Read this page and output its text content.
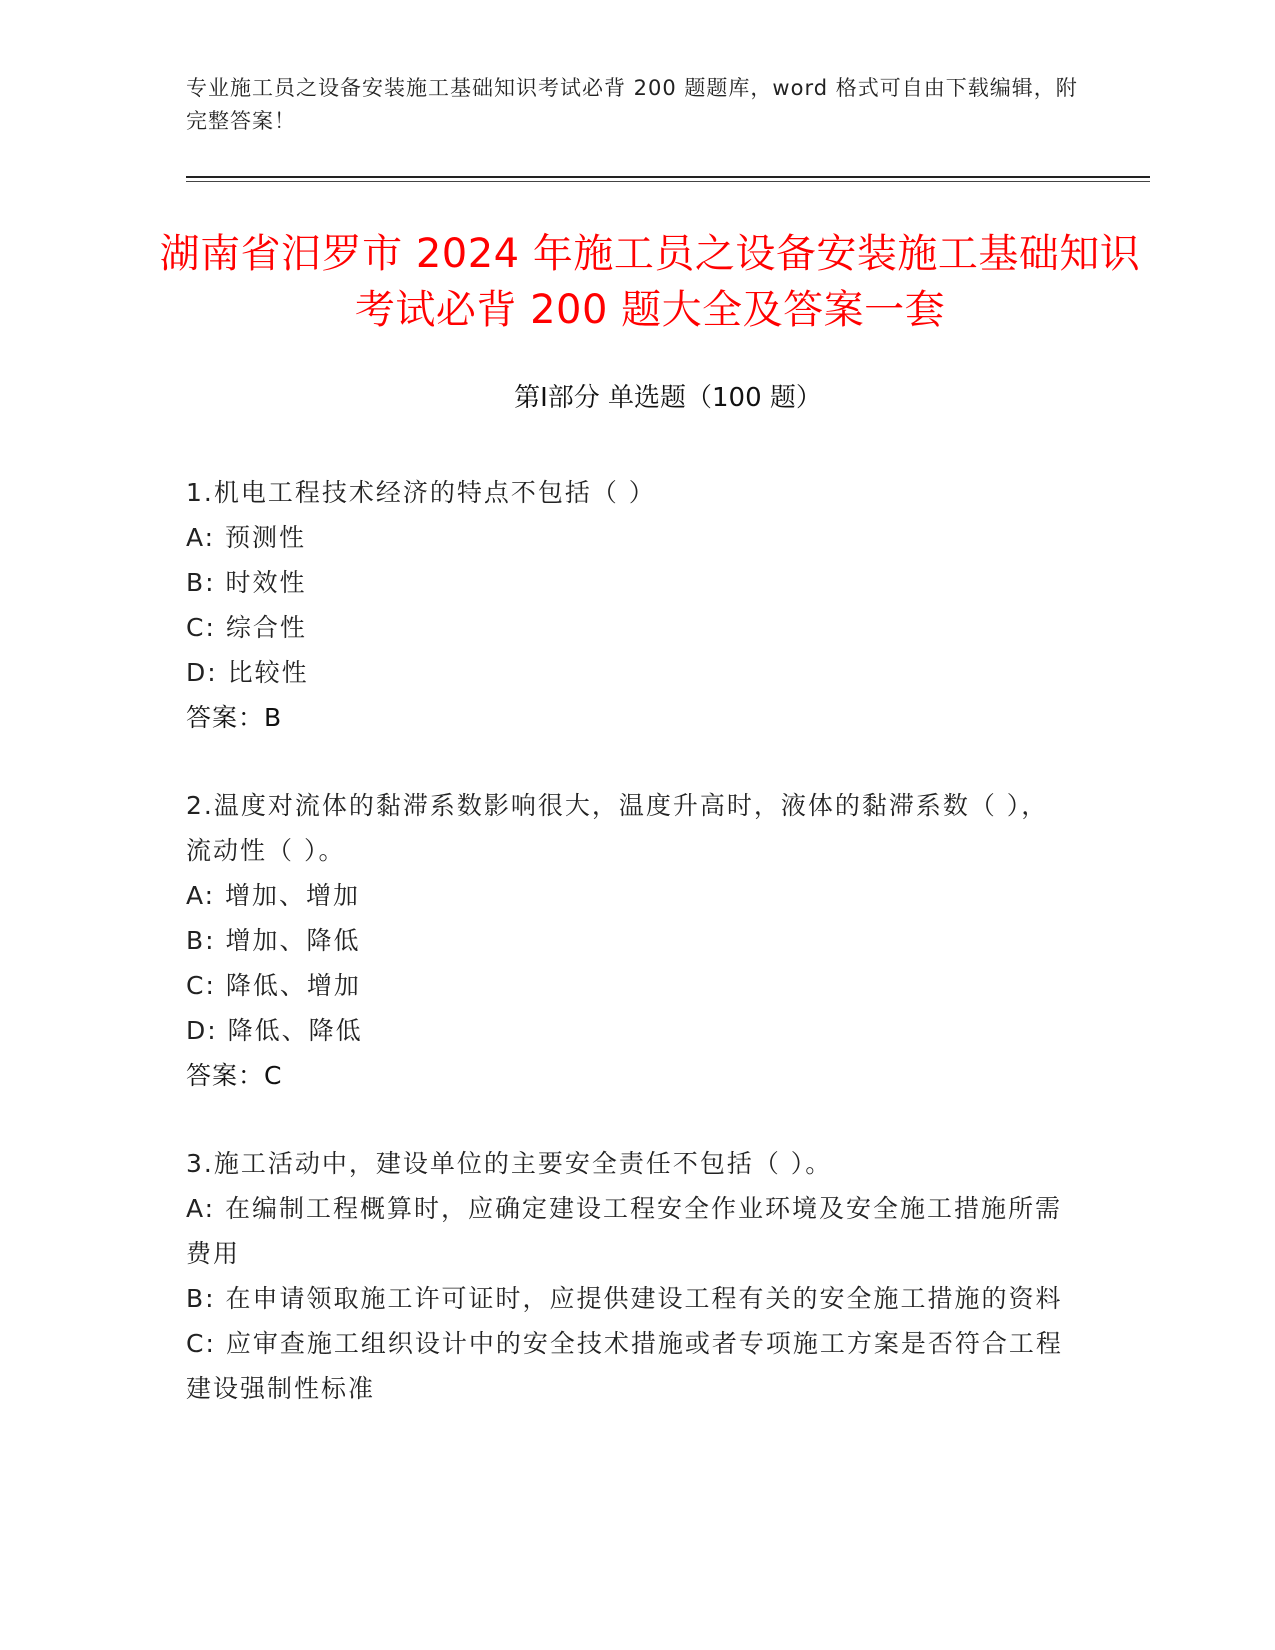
专业施工员之设备安装施工基础知识考试必背 200 题题库，word 格式可自由下载编辑，附完整答案！
湖南省汨罗市 2024 年施工员之设备安装施工基础知识考试必背 200 题大全及答案一套
第Ⅰ部分 单选题（100 题）
1.机电工程技术经济的特点不包括（ ）
A: 预测性
B: 时效性
C: 综合性
D: 比较性
答案：B
2.温度对流体的黏滞系数影响很大，温度升高时，液体的黏滞系数（ ），流动性（ ）。
A: 增加、增加
B: 增加、降低
C: 降低、增加
D: 降低、降低
答案：C
3.施工活动中，建设单位的主要安全责任不包括（ ）。
A: 在编制工程概算时，应确定建设工程安全作业环境及安全施工措施所需费用
B: 在申请领取施工许可证时，应提供建设工程有关的安全施工措施的资料
C: 应审查施工组织设计中的安全技术措施或者专项施工方案是否符合工程建设强制性标准
